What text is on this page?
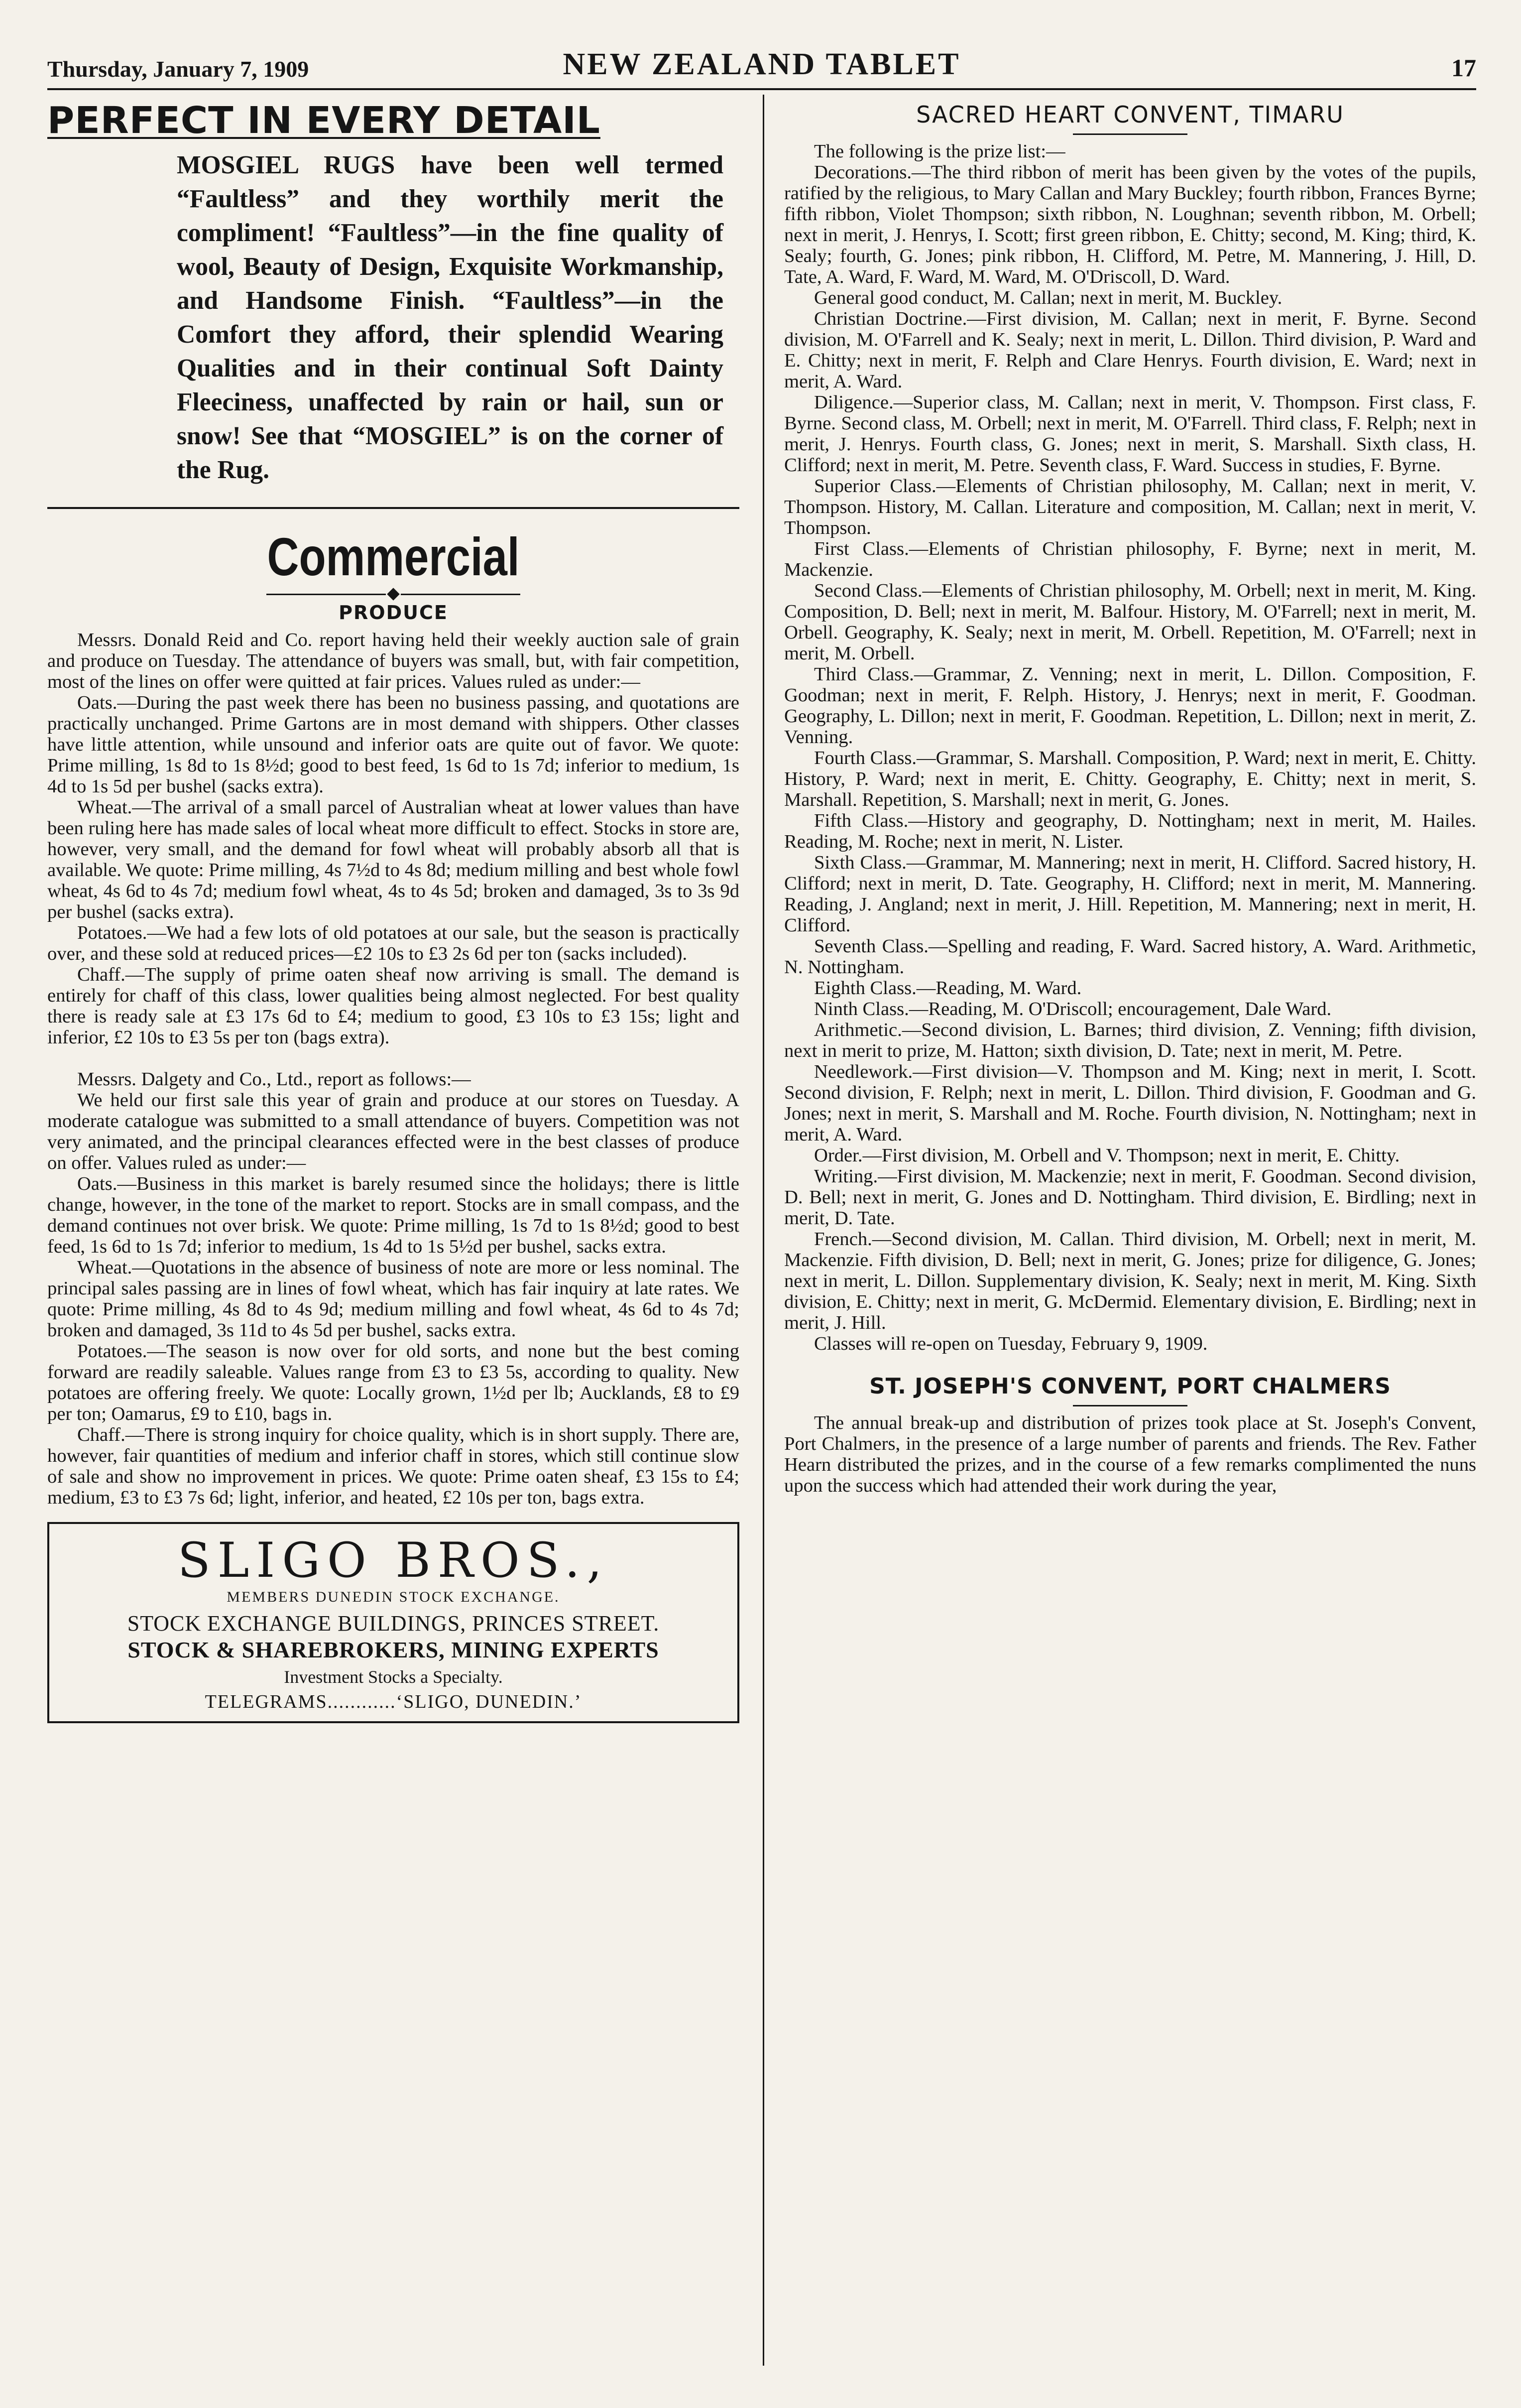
Thursday, January 7, 1909	NEW ZEALAND TABLET	17
PERFECT IN EVERY DETAIL
MOSGIEL RUGS have been well termed “Faultless” and they worthily merit the compliment! “Faultless”—in the fine quality of wool, Beauty of Design, Exquisite Workmanship, and Handsome Finish. “Faultless”—in the Comfort they afford, their splendid Wearing Qualities and in their continual Soft Dainty Fleeciness, unaffected by rain or hail, sun or snow! See that “MOSGIEL” is on the corner of the Rug.
Commercial
PRODUCE

Messrs. Donald Reid and Co. report having held their weekly auction sale of grain and produce on Tuesday. The attendance of buyers was small, but, with fair competition, most of the lines on offer were quitted at fair prices. Values ruled as under:—

Oats.—During the past week there has been no business passing, and quotations are practically unchanged. Prime Gartons are in most demand with shippers. Other classes have little attention, while unsound and inferior oats are quite out of favor. We quote: Prime milling, 1s 8d to 1s 8½d; good to best feed, 1s 6d to 1s 7d; inferior to medium, 1s 4d to 1s 5d per bushel (sacks extra).

Wheat.—The arrival of a small parcel of Australian wheat at lower values than have been ruling here has made sales of local wheat more difficult to effect. Stocks in store are, however, very small, and the demand for fowl wheat will probably absorb all that is available. We quote: Prime milling, 4s 7½d to 4s 8d; medium milling and best whole fowl wheat, 4s 6d to 4s 7d; medium fowl wheat, 4s to 4s 5d; broken and damaged, 3s to 3s 9d per bushel (sacks extra).

Potatoes.—We had a few lots of old potatoes at our sale, but the season is practically over, and these sold at reduced prices—£2 10s to £3 2s 6d per ton (sacks included).

Chaff.—The supply of prime oaten sheaf now arriving is small. The demand is entirely for chaff of this class, lower qualities being almost neglected. For best quality there is ready sale at £3 17s 6d to £4; medium to good, £3 10s to £3 15s; light and inferior, £2 10s to £3 5s per ton (bags extra).

Messrs. Dalgety and Co., Ltd., report as follows:—

We held our first sale this year of grain and produce at our stores on Tuesday. A moderate catalogue was submitted to a small attendance of buyers. Competition was not very animated, and the principal clearances effected were in the best classes of produce on offer. Values ruled as under:—

Oats.—Business in this market is barely resumed since the holidays; there is little change, however, in the tone of the market to report. Stocks are in small compass, and the demand continues not over brisk. We quote: Prime milling, 1s 7d to 1s 8½d; good to best feed, 1s 6d to 1s 7d; inferior to medium, 1s 4d to 1s 5½d per bushel, sacks extra.

Wheat.—Quotations in the absence of business of note are more or less nominal. The principal sales passing are in lines of fowl wheat, which has fair inquiry at late rates. We quote: Prime milling, 4s 8d to 4s 9d; medium milling and fowl wheat, 4s 6d to 4s 7d; broken and damaged, 3s 11d to 4s 5d per bushel, sacks extra.

Potatoes.—The season is now over for old sorts, and none but the best coming forward are readily saleable. Values range from £3 to £3 5s, according to quality. New potatoes are offering freely. We quote: Locally grown, 1½d per lb; Aucklands, £8 to £9 per ton; Oamarus, £9 to £10, bags in.

Chaff.—There is strong inquiry for choice quality, which is in short supply. There are, however, fair quantities of medium and inferior chaff in stores, which still continue slow of sale and show no improvement in prices. We quote: Prime oaten sheaf, £3 15s to £4; medium, £3 to £3 7s 6d; light, inferior, and heated, £2 10s per ton, bags extra.

SLIGO BROS.,
MEMBERS DUNEDIN STOCK EXCHANGE.
STOCK EXCHANGE BUILDINGS, PRINCES STREET.
STOCK & SHAREBROKERS, MINING EXPERTS
Investment Stocks a Specialty.
TELEGRAMS............‘SLIGO, DUNEDIN.’
SACRED HEART CONVENT, TIMARU

The following is the prize list:—

Decorations.—The third ribbon of merit has been given by the votes of the pupils, ratified by the religious, to Mary Callan and Mary Buckley; fourth ribbon, Frances Byrne; fifth ribbon, Violet Thompson; sixth ribbon, N. Loughnan; seventh ribbon, M. Orbell; next in merit, J. Henrys, I. Scott; first green ribbon, E. Chitty; second, M. King; third, K. Sealy; fourth, G. Jones; pink ribbon, H. Clifford, M. Petre, M. Mannering, J. Hill, D. Tate, A. Ward, F. Ward, M. Ward, M. O'Driscoll, D. Ward.

General good conduct, M. Callan; next in merit, M. Buckley.

Christian Doctrine.—First division, M. Callan; next in merit, F. Byrne. Second division, M. O'Farrell and K. Sealy; next in merit, L. Dillon. Third division, P. Ward and E. Chitty; next in merit, F. Relph and Clare Henrys. Fourth division, E. Ward; next in merit, A. Ward.

Diligence.—Superior class, M. Callan; next in merit, V. Thompson. First class, F. Byrne. Second class, M. Orbell; next in merit, M. O'Farrell. Third class, F. Relph; next in merit, J. Henrys. Fourth class, G. Jones; next in merit, S. Marshall. Sixth class, H. Clifford; next in merit, M. Petre. Seventh class, F. Ward. Success in studies, F. Byrne.

Superior Class.—Elements of Christian philosophy, M. Callan; next in merit, V. Thompson. History, M. Callan. Literature and composition, M. Callan; next in merit, V. Thompson.

First Class.—Elements of Christian philosophy, F. Byrne; next in merit, M. Mackenzie.

Second Class.—Elements of Christian philosophy, M. Orbell; next in merit, M. King. Composition, D. Bell; next in merit, M. Balfour. History, M. O'Farrell; next in merit, M. Orbell. Geography, K. Sealy; next in merit, M. Orbell. Repetition, M. O'Farrell; next in merit, M. Orbell.

Third Class.—Grammar, Z. Venning; next in merit, L. Dillon. Composition, F. Goodman; next in merit, F. Relph. History, J. Henrys; next in merit, F. Goodman. Geography, L. Dillon; next in merit, F. Goodman. Repetition, L. Dillon; next in merit, Z. Venning.

Fourth Class.—Grammar, S. Marshall. Composition, P. Ward; next in merit, E. Chitty. History, P. Ward; next in merit, E. Chitty. Geography, E. Chitty; next in merit, S. Marshall. Repetition, S. Marshall; next in merit, G. Jones.

Fifth Class.—History and geography, D. Nottingham; next in merit, M. Hailes. Reading, M. Roche; next in merit, N. Lister.

Sixth Class.—Grammar, M. Mannering; next in merit, H. Clifford. Sacred history, H. Clifford; next in merit, D. Tate. Geography, H. Clifford; next in merit, M. Mannering. Reading, J. Angland; next in merit, J. Hill. Repetition, M. Mannering; next in merit, H. Clifford.

Seventh Class.—Spelling and reading, F. Ward. Sacred history, A. Ward. Arithmetic, N. Nottingham.

Eighth Class.—Reading, M. Ward.

Ninth Class.—Reading, M. O'Driscoll; encouragement, Dale Ward.

Arithmetic.—Second division, L. Barnes; third division, Z. Venning; fifth division, next in merit to prize, M. Hatton; sixth division, D. Tate; next in merit, M. Petre.

Needlework.—First division—V. Thompson and M. King; next in merit, I. Scott. Second division, F. Relph; next in merit, L. Dillon. Third division, F. Goodman and G. Jones; next in merit, S. Marshall and M. Roche. Fourth division, N. Nottingham; next in merit, A. Ward.

Order.—First division, M. Orbell and V. Thompson; next in merit, E. Chitty.

Writing.—First division, M. Mackenzie; next in merit, F. Goodman. Second division, D. Bell; next in merit, G. Jones and D. Nottingham. Third division, E. Birdling; next in merit, D. Tate.

French.—Second division, M. Callan. Third division, M. Orbell; next in merit, M. Mackenzie. Fifth division, D. Bell; next in merit, G. Jones; prize for diligence, G. Jones; next in merit, L. Dillon. Supplementary division, K. Sealy; next in merit, M. King. Sixth division, E. Chitty; next in merit, G. McDermid. Elementary division, E. Birdling; next in merit, J. Hill.

Classes will re-open on Tuesday, February 9, 1909.

ST. JOSEPH'S CONVENT, PORT CHALMERS

The annual break-up and distribution of prizes took place at St. Joseph's Convent, Port Chalmers, in the presence of a large number of parents and friends. The Rev. Father Hearn distributed the prizes, and in the course of a few remarks complimented the nuns upon the success which had attended their work during the year,
